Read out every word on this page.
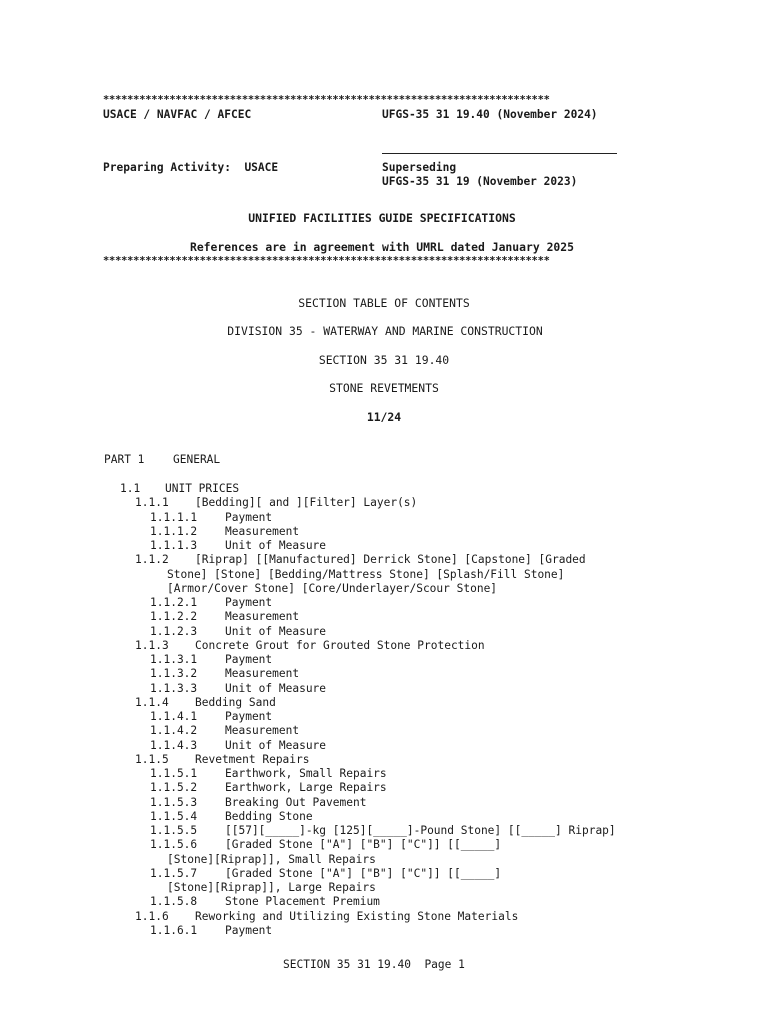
**************************************************************************
USACE / NAVFAC / AFCEC	UFGS-35 31 19.40 (November 2024)
Preparing Activity:  USACE	Superseding
UFGS-35 31 19 (November 2023)
UNIFIED FACILITIES GUIDE SPECIFICATIONS
References are in agreement with UMRL dated January 2025
**************************************************************************
SECTION TABLE OF CONTENTS
DIVISION 35 - WATERWAY AND MARINE CONSTRUCTION
SECTION 35 31 19.40
STONE REVETMENTS
11/24
PART 1	GENERAL
1.1 UNIT PRICES
1.1.1 [Bedding][ and ][Filter] Layer(s)
1.1.1.1 Payment
1.1.1.2 Measurement
1.1.1.3 Unit of Measure
1.1.2 [Riprap] [[Manufactured] Derrick Stone] [Capstone] [Graded
Stone] [Stone] [Bedding/Mattress Stone] [Splash/Fill Stone]
[Armor/Cover Stone] [Core/Underlayer/Scour Stone]
1.1.2.1 Payment
1.1.2.2 Measurement
1.1.2.3 Unit of Measure
1.1.3 Concrete Grout for Grouted Stone Protection
1.1.3.1 Payment
1.1.3.2 Measurement
1.1.3.3 Unit of Measure
1.1.4 Bedding Sand
1.1.4.1 Payment
1.1.4.2 Measurement
1.1.4.3 Unit of Measure
1.1.5 Revetment Repairs
1.1.5.1 Earthwork, Small Repairs
1.1.5.2 Earthwork, Large Repairs
1.1.5.3 Breaking Out Pavement
1.1.5.4 Bedding Stone
1.1.5.5 [[57][_____]-kg [125][_____]-Pound Stone] [[_____] Riprap]
1.1.5.6 [Graded Stone ["A"] ["B"] ["C"]] [[_____]
[Stone][Riprap]], Small Repairs
1.1.5.7 [Graded Stone ["A"] ["B"] ["C"]] [[_____]
[Stone][Riprap]], Large Repairs
1.1.5.8 Stone Placement Premium
1.1.6 Reworking and Utilizing Existing Stone Materials
1.1.6.1 Payment
SECTION 35 31 19.40  Page 1
